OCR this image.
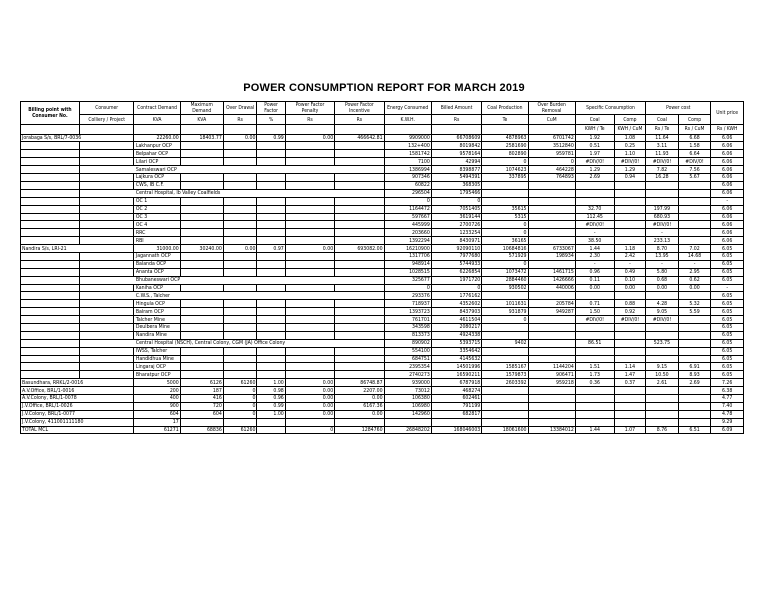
POWER CONSUMPTION REPORT FOR MARCH 2019
Billing point with Consumer No.	Consumer	Contract Demand	Maximum Demand	Over Drawal	Power Factor	Power Factor Penalty	Power Factor Incentive	Energy Consumed	Billed Amount	Coal Production	Over Burden Removal	Specific Consumption		Power cost		Unit price
	Colliery / Project	KVA	KVA	Rs	%	Rs	Rs	K.W.H.	Rs	Te	CuM	Coal	Comp	Coal	Comp	
												KWH / Te	KWH / CuM	Rs / Te	Rs / CuM	Rs / KWH
Jorabaga S/s, BRL/7-0036		22260.00	18403.77	0.00	0.99	0.00	466642.81	9909000	66708609	4878963	6701742	1.92	1.08	11.64	6.68	6.06
	Lakhanpur OCP							132+400	8019842	2581690	3512840	0.51	0.25	3.11	1.58	6.06
	Belpahar OCP							1581742	9578164	802890	959781	1.97	1.10	11.93	6.64	6.06
	Lilari OCP							7100	42994	0	0	#DIV/0!	#DIV/0!	#DIV/0!	#DIV/0!	6.06
	Samaleswari OCP							1386994	8398877	1074623	464228	1.29	1.29	7.82	7.56	6.06
	Lajkura OCP							907346	5494391	337895	764893	2.69	0.94	16.28	5.67	6.06
	CWS, IB C.F.							60822	368305							6.06
	Central Hospital, Ib Valley Coalfields							296504	1795466							6.06
	OC 1							0	0							-
	OC 2							1164472	7051405	35615		32.70		197.99		6.06
	OC 3							597667	3619144	5315		112.45		680.93		6.06
	OC 4							445999	2700726	0		#DIV/0!		#DIV/0!		6.06
	RRC							203660	1233254	0		-		-		6.06
	RBI							1392294	8430971	36165		38.50		233.13		6.06
Nandira S/s, LRI-21		31000.00	30240.00	0.00	0.97	0.00	693082.00	16210900	92090110	10684816	6733067	1.44	1.18	8.70	7.02	6.05
	Jagannath OCP							1317706	7977680	571929	198934	2.30	2.42	13.95	14.68	6.05
	Balanda OCP							948914	5744933	0		-	-	-	-	6.05
	Ananta OCP							1028515	6226854	1073472	1461715	0.96	0.49	5.80	2.95	6.05
	Bhubaneswari OCP							325677	1971720	2884460	1426666	0.11	0.10	0.68	0.62	6.05
	Kaniha OCP							0	0	930502	440006	0.00	0.00	0.00	0.00	-
	C.W.S., Talcher							293376	1776162							6.05
	Hingula OCP							718937	4352602	1011631	205784	0.71	0.88	4.28	5.32	6.05
	Balram OCP							1393723	8437903	931879	949287	1.50	0.92	9.05	5.59	6.05
	Talcher Mine							761701	4611504	0		#DIV/0!	#DIV/0!	#DIV/0!		6.05
	Deulbera Mine							343598	2080217							6.05
	Nandira Mine							813373	4924338							6.05
	Central Hospital (NSCH), Central Colony, CGM (JA) Office Colony							890902	5393715	9402		86.51		523.75		6.05
	IWSS, Talcher							554100	3354642							6.05
	Handidhua Mine							684751	4145632							6.05
	Lingaraj OCP							2395354	14501996	1585167	1144204	1.51	1.14	9.15	6.91	6.05
	Bharatpur OCP							2740273	16590211	1579873	906471	1.73	1.47	10.50	8.93	6.05
Basundhara, RRKL/2-0016		5000	6126	61260	1.00	0.00	86748.87	939000	6787918	2603392	959218	0.36	0.37	2.61	2.69	7.26
A.V.Office, BRL/1-0016		200	187	0	0.98	0.00	2207.00	73012	468274							6.38
A.V.Colony, BRL/1-0078		400	416	0	0.96	0.00	0.00	106380	602461							4.77
J.V.Office, BRL/1-0026		900	720	0	0.99	0.00	6167.36	106980	791199							7.40
J.V.Colony, BRL/1-0077		604	604	0	1.00	0.00	0.00	142960	682817							4.78
J.V.Colony, 411001111180		17														9.29
TOTAL MCL		61271	68836	61260		0	1284760	26848202	168046003	18061600	13384012	1.44	1.07	8.76	6.51	6.09
